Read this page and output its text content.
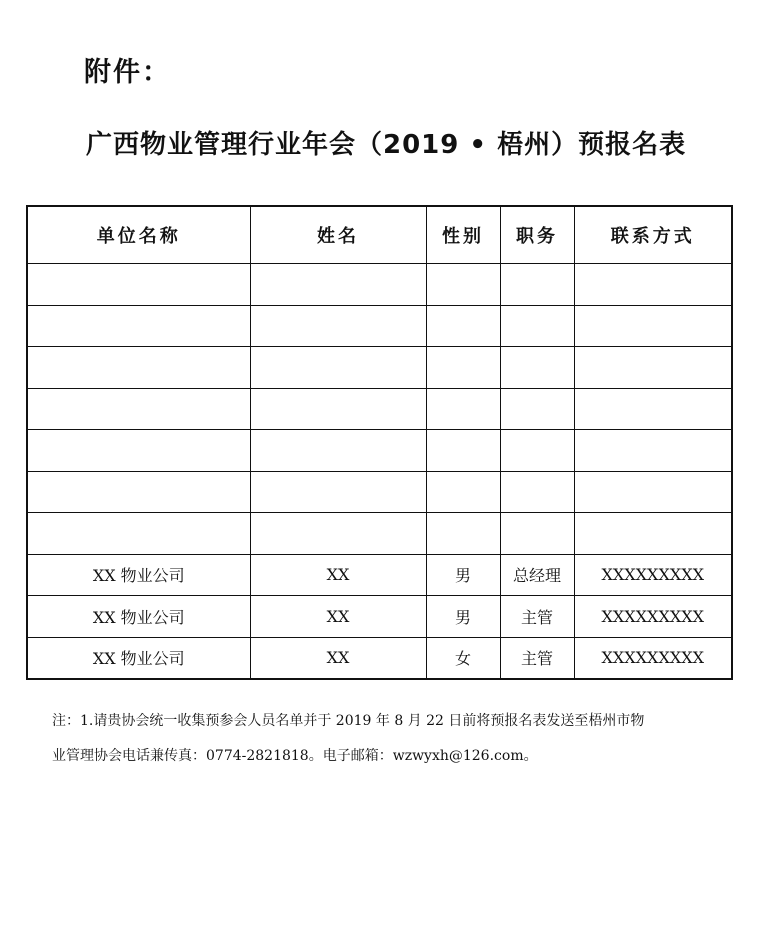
附件：
广西物业管理行业年会（2019 • 梧州）预报名表
单位名称	姓名	性别	职务	联系方式

XX 物业公司	XX	男	总经理	XXXXXXXXX
XX 物业公司	XX	男	主管	XXXXXXXXX
XX 物业公司	XX	女	主管	XXXXXXXXX
注：1.请贵协会统一收集预参会人员名单并于 2019 年 8 月 22 日前将预报名表发送至梧州市物
业管理协会电话兼传真：0774-2821818。电子邮箱：wzwyxh@126.com。
